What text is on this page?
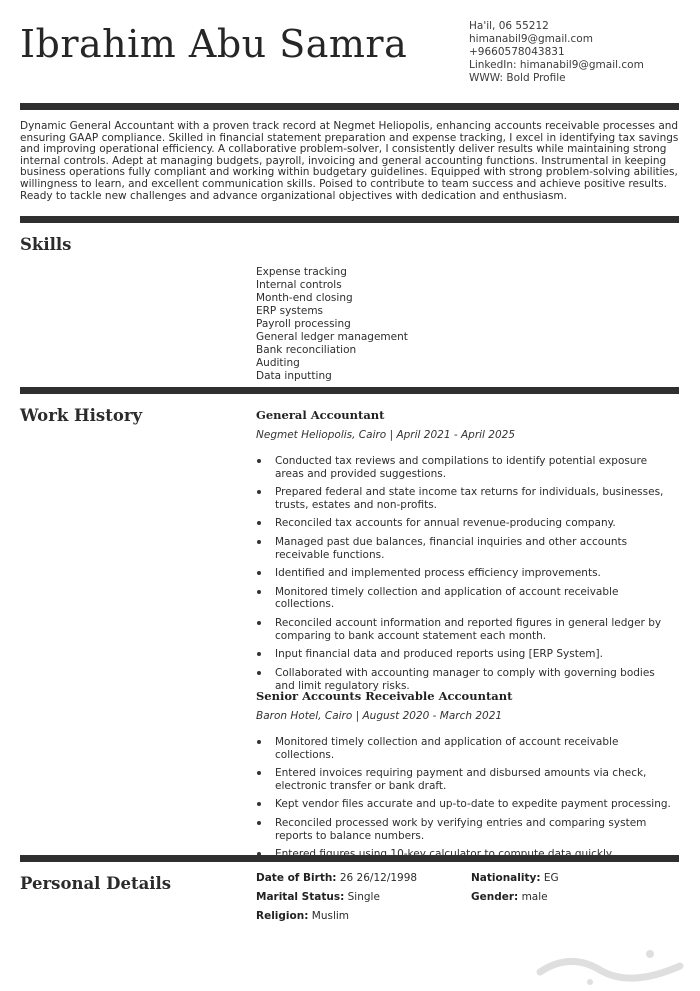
Ibrahim Abu Samra	Ha'il, 06 55212
himanabil9@gmail.com
+9660578043831
LinkedIn: himanabil9@gmail.com
WWW: Bold Profile

Dynamic General Accountant with a proven track record at Negmet Heliopolis, enhancing accounts receivable processes and ensuring GAAP compliance. Skilled in financial statement preparation and expense tracking, I excel in identifying tax savings and improving operational efficiency. A collaborative problem-solver, I consistently deliver results while maintaining strong internal controls. Adept at managing budgets, payroll, invoicing and general accounting functions. Instrumental in keeping business operations fully compliant and working within budgetary guidelines. Equipped with strong problem-solving abilities, willingness to learn, and excellent communication skills. Poised to contribute to team success and achieve positive results. Ready to tackle new challenges and advance organizational objectives with dedication and enthusiasm.

Skills
Expense tracking
Internal controls
Month-end closing
ERP systems
Payroll processing
General ledger management
Bank reconciliation
Auditing
Data inputting
Work History	General Accountant
Negmet Heliopolis, Cairo | April 2021 - April 2025
Conducted tax reviews and compilations to identify potential exposure areas and provided suggestions.
Prepared federal and state income tax returns for individuals, businesses, trusts, estates and non-profits.
Reconciled tax accounts for annual revenue-producing company.
Managed past due balances, financial inquiries and other accounts receivable functions.
Identified and implemented process efficiency improvements.
Monitored timely collection and application of account receivable collections.
Reconciled account information and reported figures in general ledger by comparing to bank account statement each month.
Input financial data and produced reports using [ERP System].
Collaborated with accounting manager to comply with governing bodies and limit regulatory risks.
Senior Accounts Receivable Accountant
Baron Hotel, Cairo | August 2020 - March 2021
Monitored timely collection and application of account receivable collections.
Entered invoices requiring payment and disbursed amounts via check, electronic transfer or bank draft.
Kept vendor files accurate and up-to-date to expedite payment processing.
Reconciled processed work by verifying entries and comparing system reports to balance numbers.
Personal Details	Date of Birth: 26 26/12/1998	Nationality: EG
Marital Status: Single	Gender: male
Religion: Muslim
